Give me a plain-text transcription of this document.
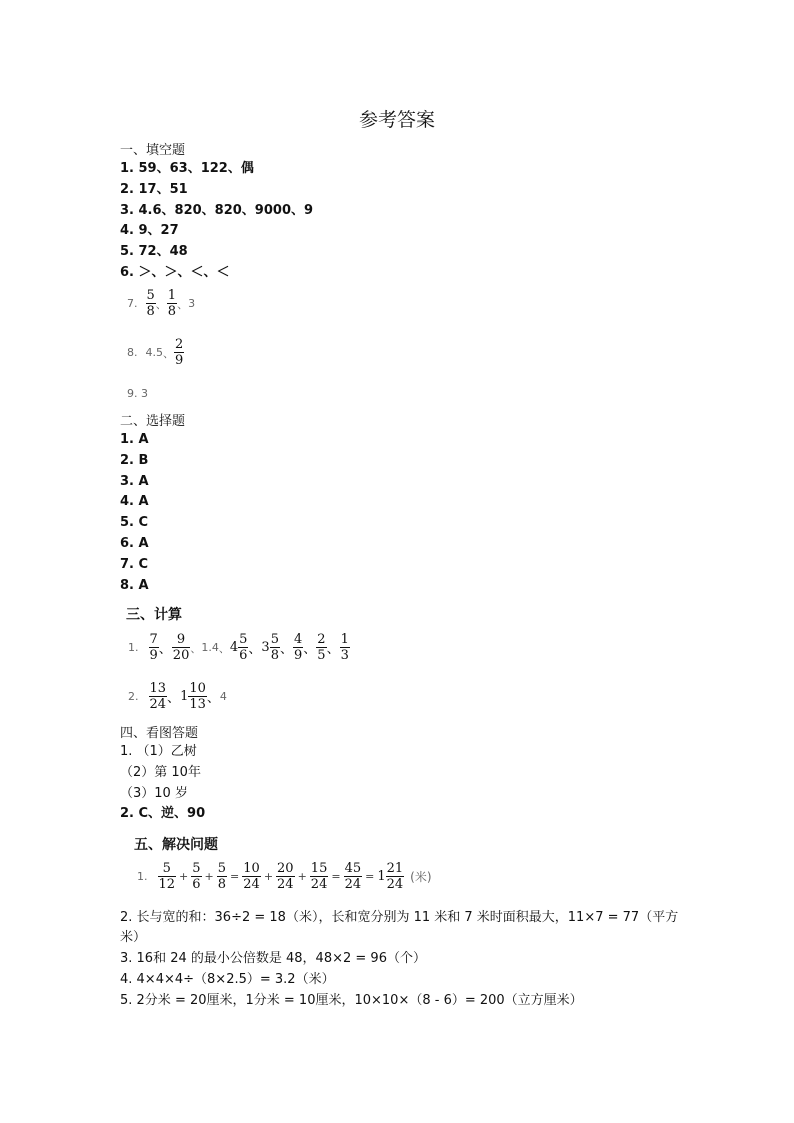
参考答案
一、填空题
1. 59、63、122、偶
2. 17、51
3. 4.6、820、820、9000、9
4. 9、27
5. 72、48
6. ＞、＞、＜、＜
7. $\frac{5}{8}$ 、 $\frac{1}{8}$ 、 3
8. 4.5 、 $\frac{2}{9}$
9. 3
二、选择题
1. A
2. B
3. A
4. A
5. C
6. A
7. C
8. A
三、计算
1. $\frac{7}{9}$ 、 $\frac{9}{20}$ 、 1.4 、 $4 \frac{5}{6}$ 、 $3 \frac{5}{8}$ 、 $\frac{4}{9}$ 、 $\frac{2}{5}$ 、 $\frac{1}{3}$
2. $\frac{13}{24}$ 、 $1 \frac{10}{13}$ 、 4
四、看图答题
1. （1）乙树
（2）第 10年
（3）10 岁
2. C、逆、90
五、解决问题
1. $\frac{5}{12} + \frac{5}{6} + \frac{5}{8} = \frac{10}{24} + \frac{20}{24} + \frac{15}{24} = \frac{45}{24} = 1 \frac{21}{24}$ (米)
2. 长与宽的和：36÷2 = 18（米），长和宽分别为 11 米和 7 米时面积最大，11×7 = 77（平方
米）
3. 16和 24 的最小公倍数是 48，48×2 = 96（个）
4. 4×4×4÷（8×2.5）= 3.2（米）
5. 2分米 = 20厘米，1分米 = 10厘米，10×10×（8 - 6）= 200（立方厘米）
